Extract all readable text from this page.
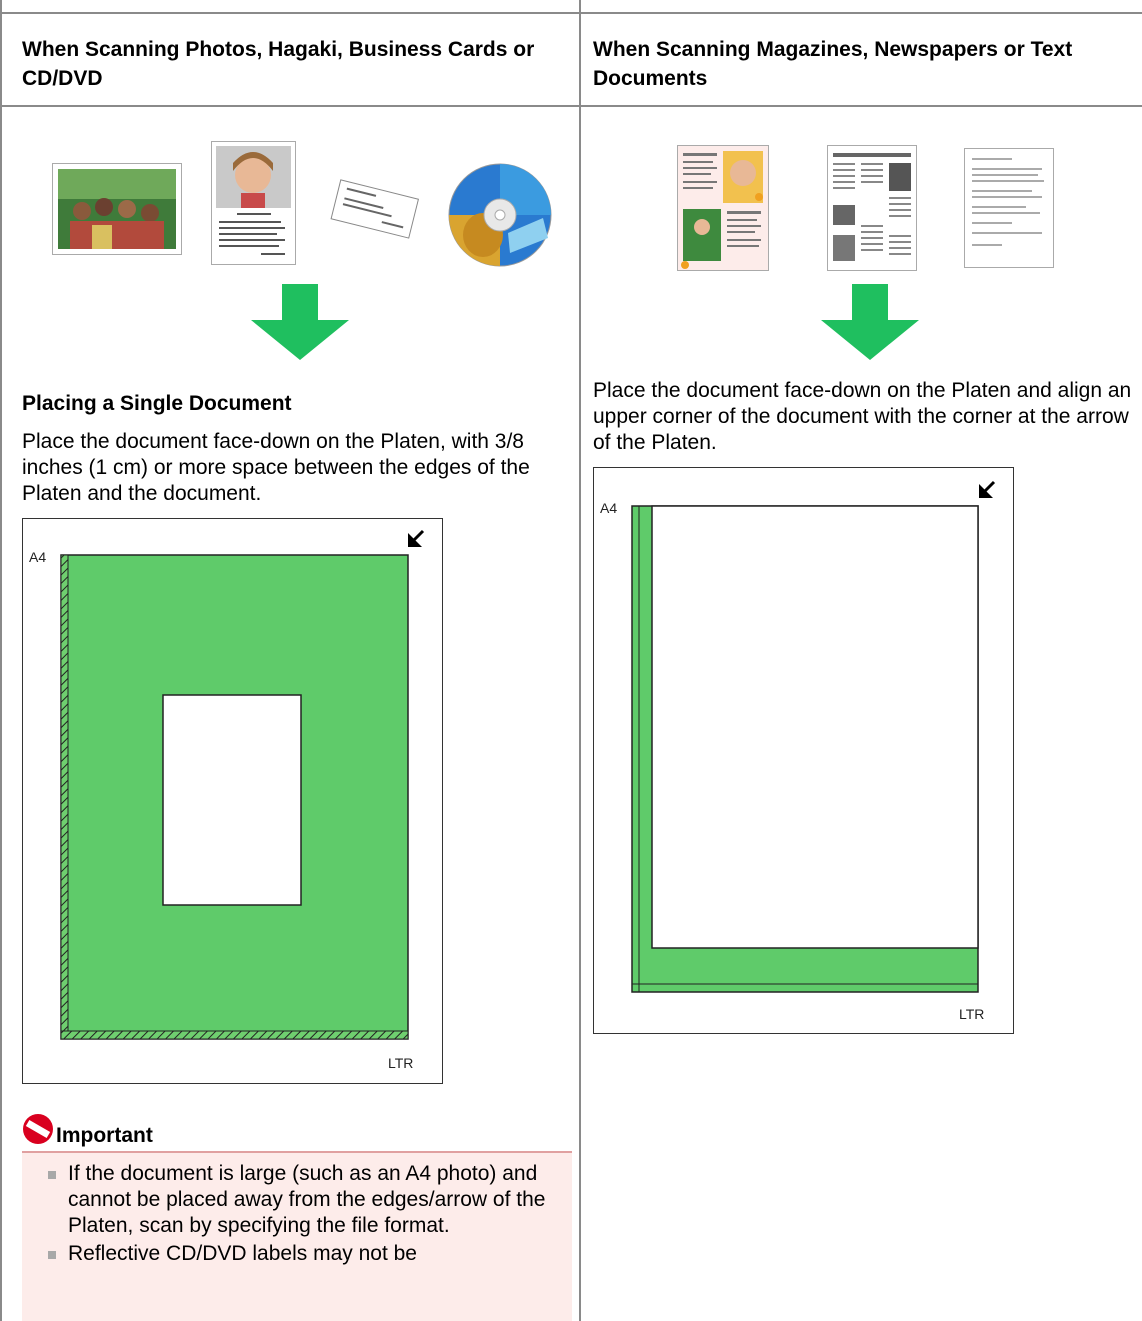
When Scanning Photos, Hagaki, Business Cards or CD/DVD
When Scanning Magazines, Newspapers or Text Documents
Placing a Single Document

Place the document face-down on the Platen, with 3/8 inches (1 cm) or more space between the edges of the Platen and the document.

A4
LTR
Important
If the document is large (such as an A4 photo) and cannot be placed away from the edges/arrow of the Platen, scan by specifying the file format.
Reflective CD/DVD labels may not be

Place the document face-down on the Platen and align an upper corner of the document with the corner at the arrow of the Platen.

A4
LTR
